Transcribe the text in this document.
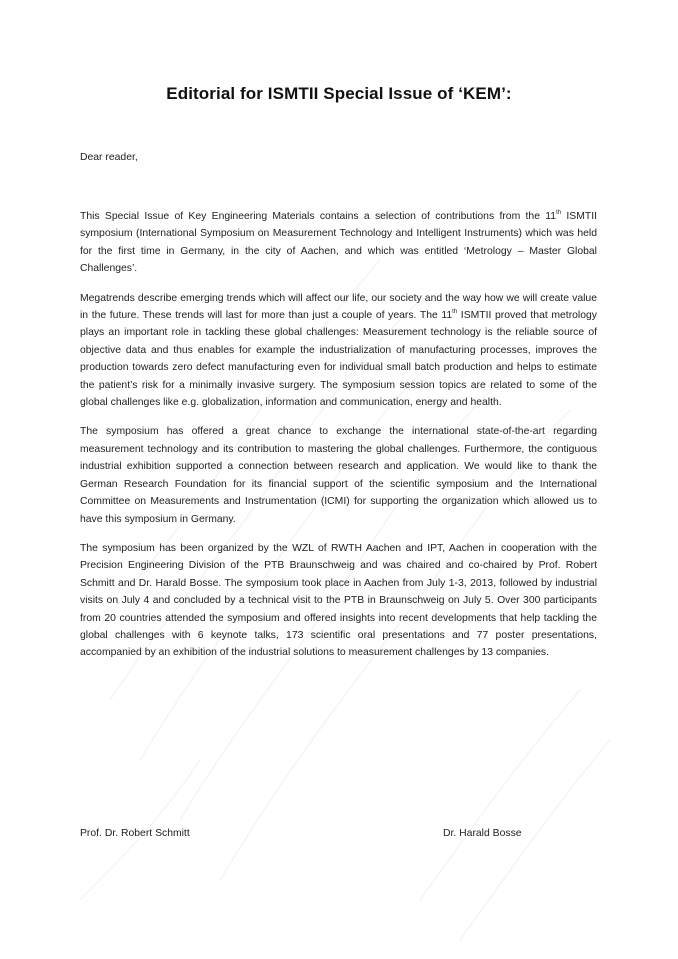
Editorial for ISMTII Special Issue of ‘KEM’:
Dear reader,

This Special Issue of Key Engineering Materials contains a selection of contributions from the 11th ISMTII symposium (International Symposium on Measurement Technology and Intelligent Instruments) which was held for the first time in Germany, in the city of Aachen, and which was entitled ‘Metrology – Master Global Challenges’.

Megatrends describe emerging trends which will affect our life, our society and the way how we will create value in the future. These trends will last for more than just a couple of years. The 11th ISMTII proved that metrology plays an important role in tackling these global challenges: Measurement technology is the reliable source of objective data and thus enables for example the industrialization of manufacturing processes, improves the production towards zero defect manufacturing even for individual small batch production and helps to estimate the patient’s risk for a minimally invasive surgery. The symposium session topics are related to some of the global challenges like e.g. globalization, information and communication, energy and health.

The symposium has offered a great chance to exchange the international state-of-the-art regarding measurement technology and its contribution to mastering the global challenges. Furthermore, the contiguous industrial exhibition supported a connection between research and application. We would like to thank the German Research Foundation for its financial support of the scientific symposium and the International Committee on Measurements and Instrumentation (ICMI) for supporting the organization which allowed us to have this symposium in Germany.

The symposium has been organized by the WZL of RWTH Aachen and IPT, Aachen in cooperation with the Precision Engineering Division of the PTB Braunschweig and was chaired and co-chaired by Prof. Robert Schmitt and Dr. Harald Bosse. The symposium took place in Aachen from July 1-3, 2013, followed by industrial visits on July 4 and concluded by a technical visit to the PTB in Braunschweig on July 5. Over 300 participants from 20 countries attended the symposium and offered insights into recent developments that help tackling the global challenges with 6 keynote talks, 173 scientific oral presentations and 77 poster presentations, accompanied by an exhibition of the industrial solutions to measurement challenges by 13 companies.

Prof. Dr. Robert Schmitt	Dr. Harald Bosse
